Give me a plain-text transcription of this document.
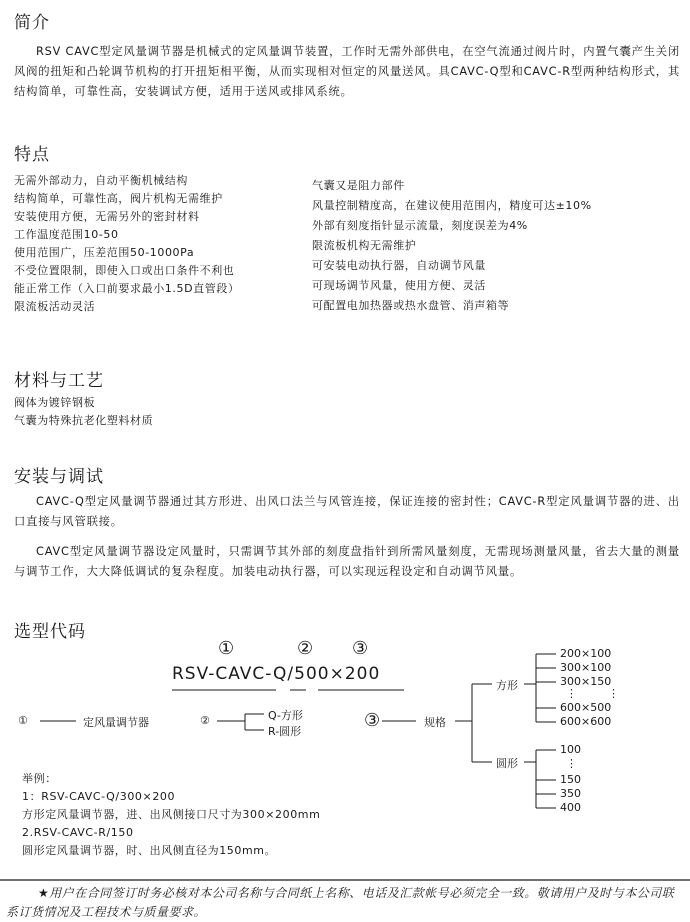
简介
RSV CAVC型定风量调节器是机械式的定风量调节装置，工作时无需外部供电，在空气流通过阀片时，内置气囊产生关闭风阀的扭矩和凸轮调节机构的打开扭矩相平衡，从而实现相对恒定的风量送风。具CAVC-Q型和CAVC-R型两种结构形式，其结构简单，可靠性高，安装调试方便，适用于送风或排风系统。
特点
无需外部动力，自动平衡机械结构
结构简单，可靠性高，阀片机构无需维护
安装使用方便，无需另外的密封材料
工作温度范围10-50
使用范围广，压差范围50-1000Pa
不受位置限制，即使入口或出口条件不利也
能正常工作（入口前要求最小1.5D直管段）
限流板活动灵活
气囊又是阻力部件
风量控制精度高，在建议使用范围内，精度可达±10%
外部有刻度指针显示流量，刻度误差为4%
限流板机构无需维护
可安装电动执行器，自动调节风量
可现场调节风量，使用方便、灵活
可配置电加热器或热水盘管、消声箱等
材料与工艺
阀体为镀锌钢板
气囊为特殊抗老化塑料材质
安装与调试
CAVC-Q型定风量调节器通过其方形进、出风口法兰与风管连接，保证连接的密封性；CAVC-R型定风量调节器的进、出口直接与风管联接。
CAVC型定风量调节器设定风量时，只需调节其外部的刻度盘指针到所需风量刻度，无需现场测量风量，省去大量的测量与调节工作，大大降低调试的复杂程度。加装电动执行器，可以实现远程设定和自动调节风量。
选型代码
①	② ③
RSV-CAVC-Q/500×200
①	定风量调节器	②	Q-方形
R-圆形
③	规格
方形
圆形
200×100
300×100
300×150
⋮	⋮
600×500
600×600
100
⋮
150
350
400
举例：
1：RSV-CAVC-Q/300×200
方形定风量调节器，进、出风侧接口尺寸为300×200mm
2.RSV-CAVC-R/150
圆形定风量调节器，时、出风侧直径为150mm。
★用户在合同签订时务必核对本公司名称与合同纸上名称、电话及汇款帐号必须完全一致。敬请用户及时与本公司联系订货情况及工程技术与质量要求。
